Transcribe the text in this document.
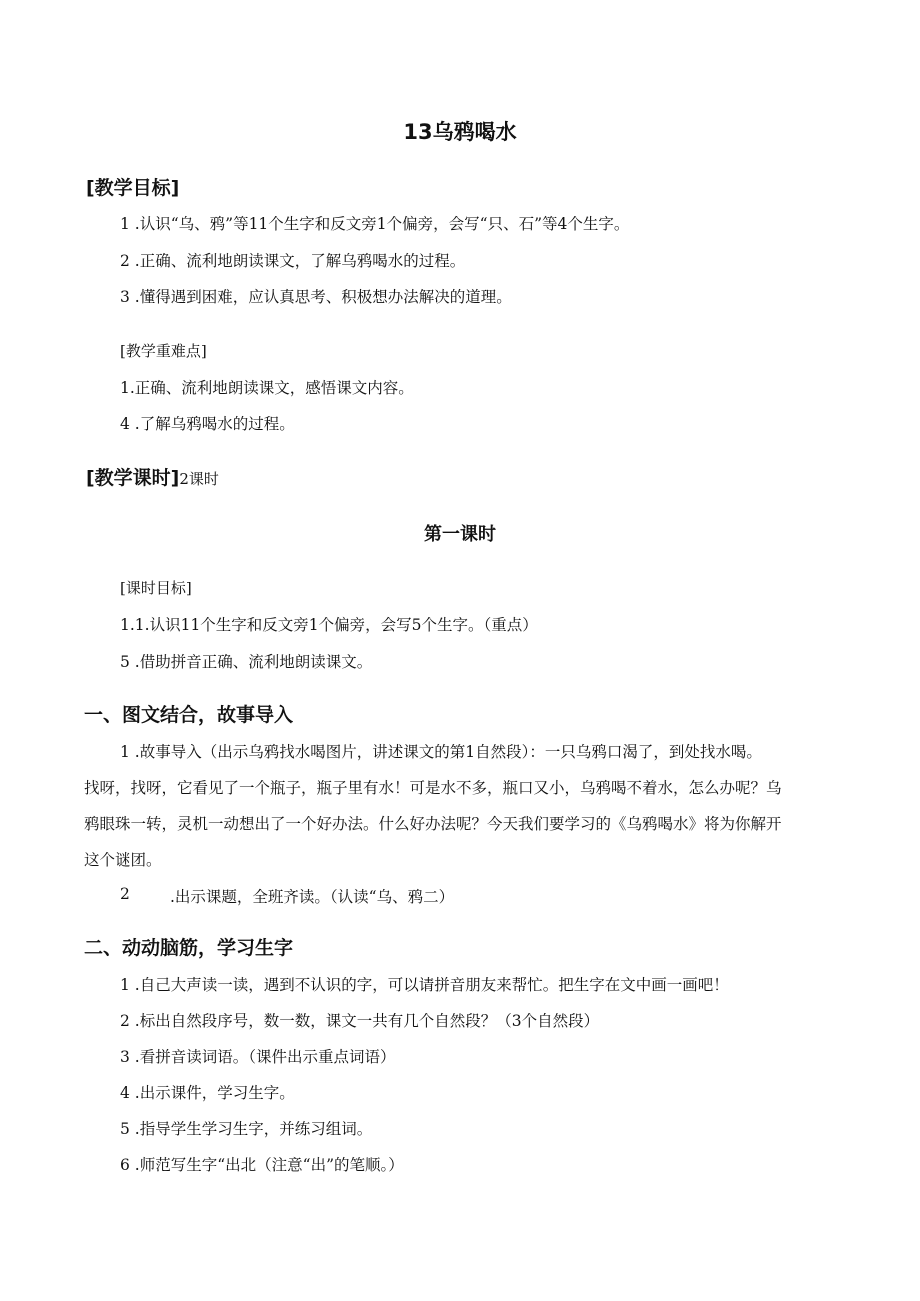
13乌鸦喝水
[教学目标]
1 .认识“乌、鸦”等11个生字和反文旁1个偏旁，会写“只、石”等4个生字。
2 .正确、流利地朗读课文，了解乌鸦喝水的过程。
3 .懂得遇到困难，应认真思考、积极想办法解决的道理。
[教学重难点]
1.正确、流利地朗读课文，感悟课文内容。
4 .了解乌鸦喝水的过程。
[教学课时]2课时
第一课时
[课时目标]
1.1.认识11个生字和反文旁1个偏旁，会写5个生字。（重点）
5 .借助拼音正确、流利地朗读课文。
一、图文结合，故事导入
1 .故事导入（出示乌鸦找水喝图片，讲述课文的第1自然段）：一只乌鸦口渴了，到处找水喝。
找呀，找呀，它看见了一个瓶子，瓶子里有水！可是水不多，瓶口又小，乌鸦喝不着水，怎么办呢？乌
鸦眼珠一转，灵机一动想出了一个好办法。什么好办法呢？今天我们要学习的《乌鸦喝水》将为你解开
这个谜团。
2	.出示课题，全班齐读。（认读“乌、鸦二）
二、动动脑筋，学习生字
1 .自己大声读一读，遇到不认识的字，可以请拼音朋友来帮忙。把生字在文中画一画吧！
2 .标出自然段序号，数一数，课文一共有几个自然段？（3个自然段）
3 .看拼音读词语。（课件出示重点词语）
4 .出示课件，学习生字。
5 .指导学生学习生字，并练习组词。
6 .师范写生字“出北（注意“出”的笔顺。）
